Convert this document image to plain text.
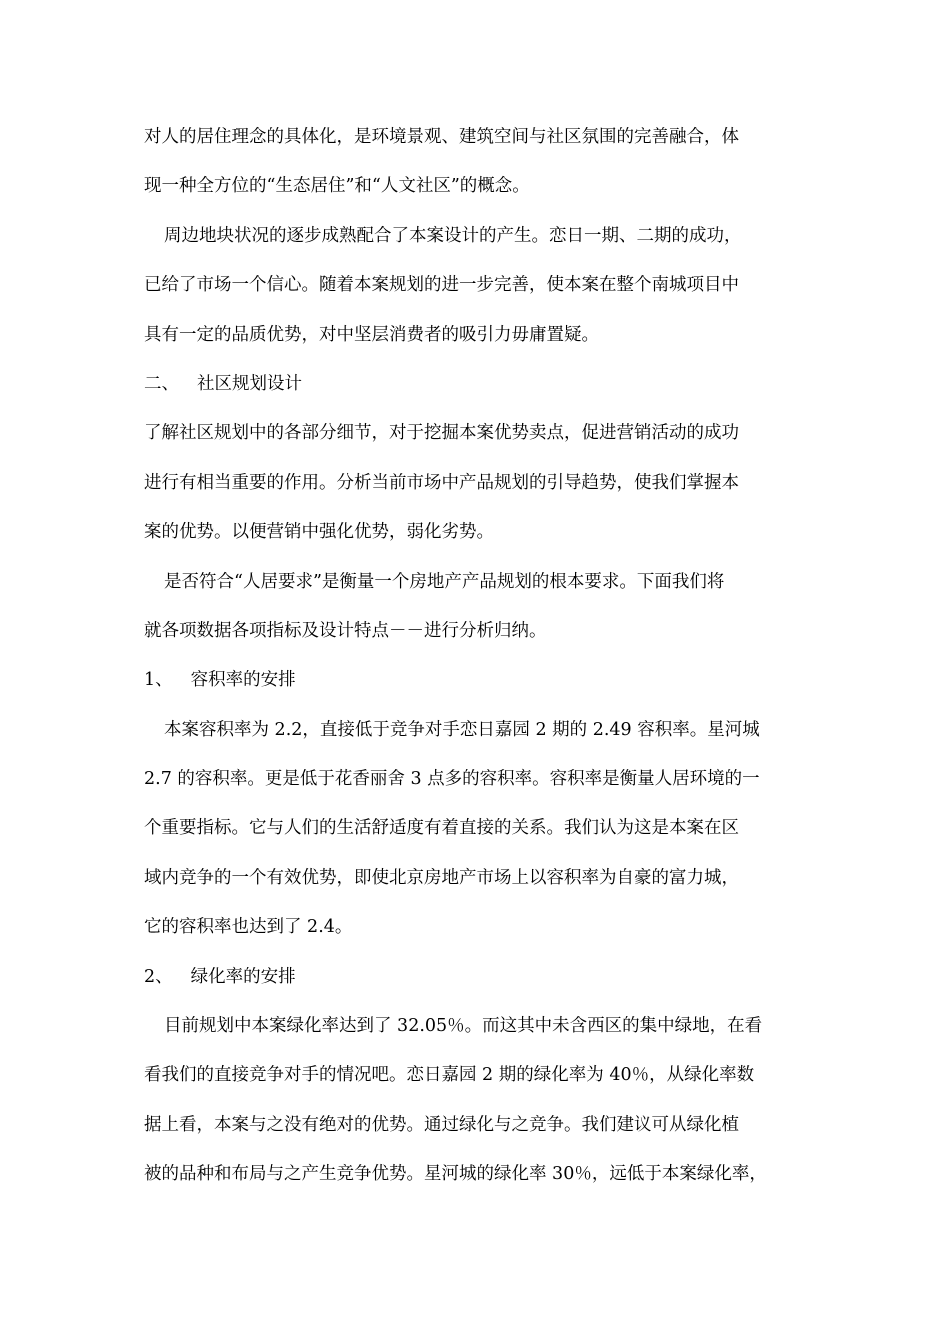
对人的居住理念的具体化，是环境景观、建筑空间与社区氛围的完善融合，体
现一种全方位的“生态居住”和“人文社区”的概念。
周边地块状况的逐步成熟配合了本案设计的产生。恋日一期、二期的成功，
已给了市场一个信心。随着本案规划的进一步完善，使本案在整个南城项目中
具有一定的品质优势，对中坚层消费者的吸引力毋庸置疑。
二、 社区规划设计
了解社区规划中的各部分细节，对于挖掘本案优势卖点，促进营销活动的成功
进行有相当重要的作用。分析当前市场中产品规划的引导趋势，使我们掌握本
案的优势。以便营销中强化优势，弱化劣势。
是否符合“人居要求”是衡量一个房地产产品规划的根本要求。下面我们将
就各项数据各项指标及设计特点－－进行分析归纳。
1、 容积率的安排
本案容积率为 2.2，直接低于竞争对手恋日嘉园 2 期的 2.49 容积率。星河城
2.7 的容积率。更是低于花香丽舍 3 点多的容积率。容积率是衡量人居环境的一
个重要指标。它与人们的生活舒适度有着直接的关系。我们认为这是本案在区
域内竞争的一个有效优势，即使北京房地产市场上以容积率为自豪的富力城，
它的容积率也达到了 2.4。
2、 绿化率的安排
目前规划中本案绿化率达到了 32.05％。而这其中未含西区的集中绿地，在看
看我们的直接竞争对手的情况吧。恋日嘉园 2 期的绿化率为 40％，从绿化率数
据上看，本案与之没有绝对的优势。通过绿化与之竞争。我们建议可从绿化植
被的品种和布局与之产生竞争优势。星河城的绿化率 30％，远低于本案绿化率，
